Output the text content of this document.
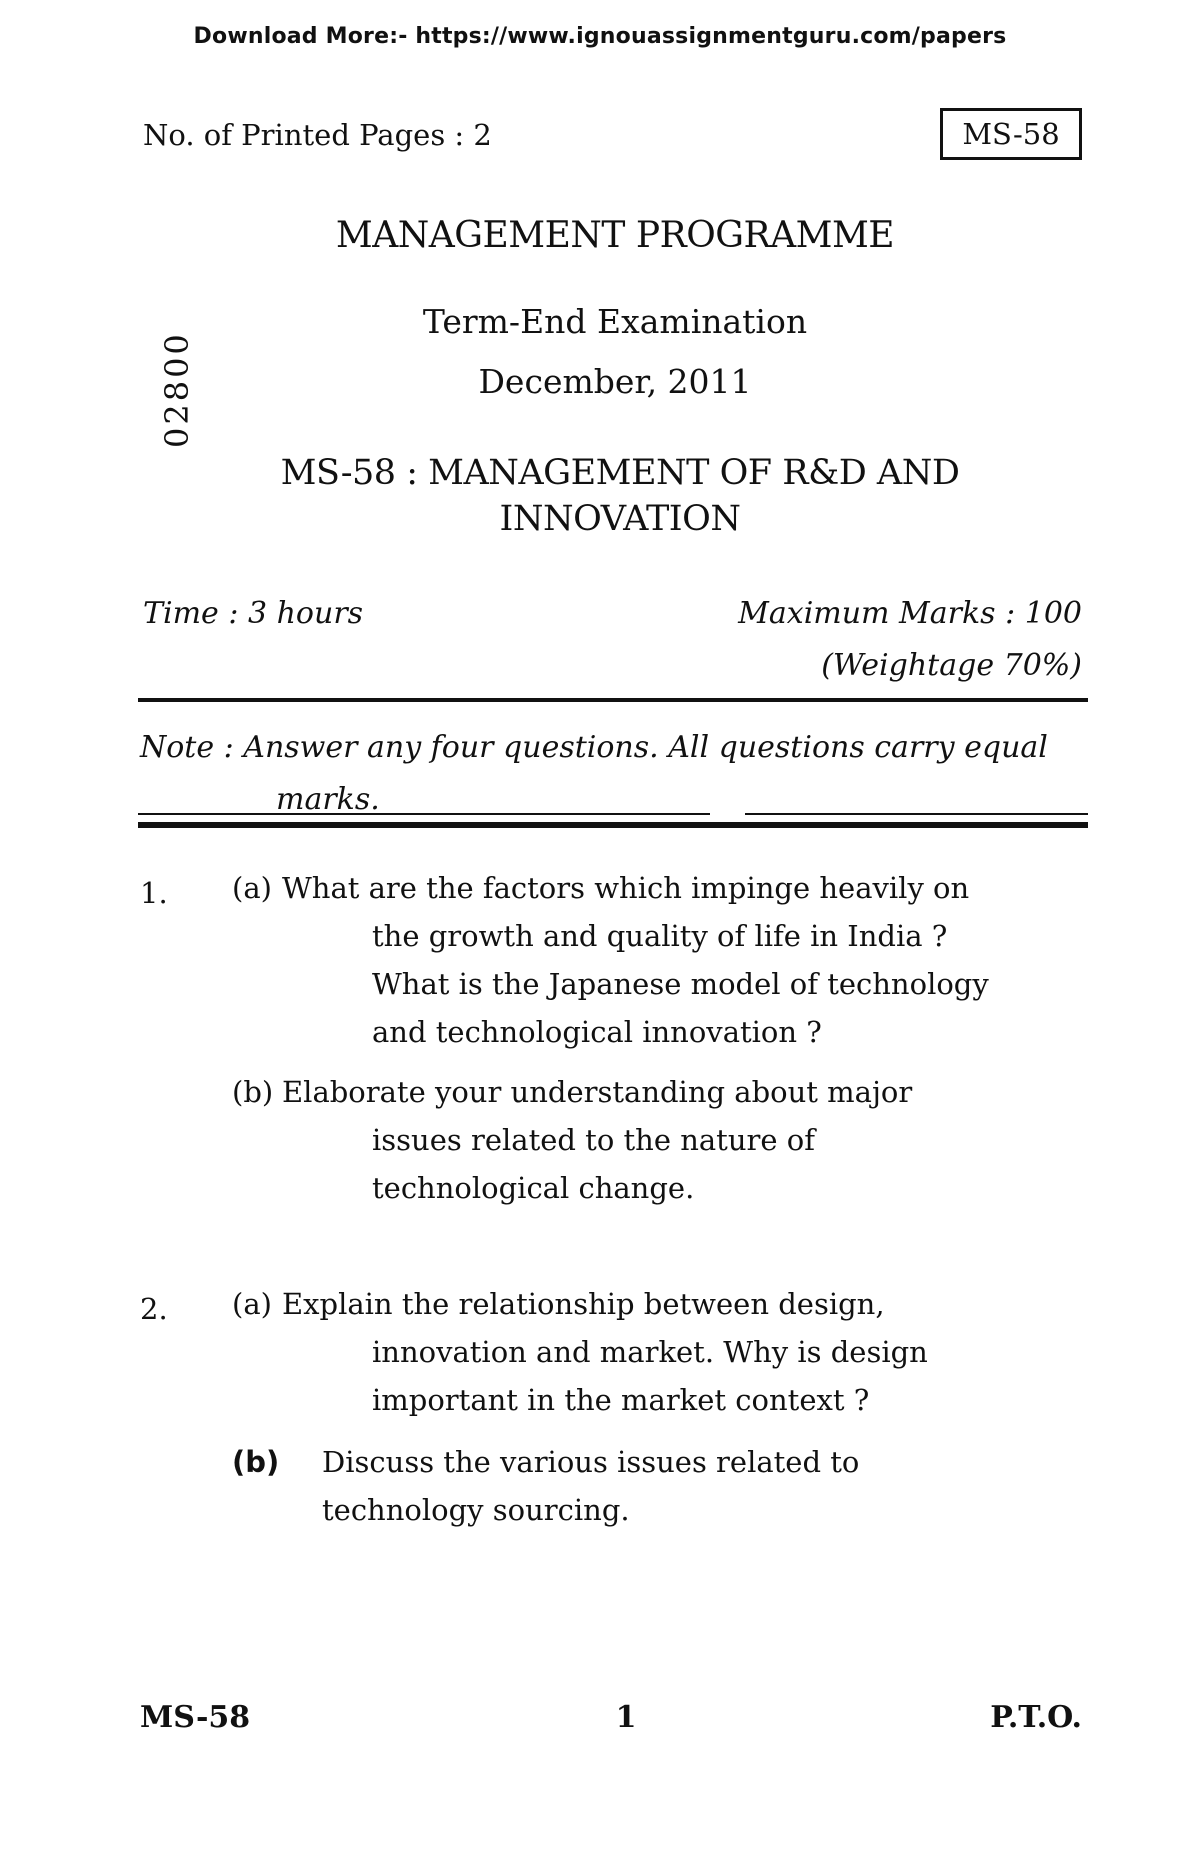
Download More:- https://www.ignouassignmentguru.com/papers
No. of Printed Pages : 2	MS-58
02800
MANAGEMENT PROGRAMME
Term-End Examination
December, 2011
MS-58 : MANAGEMENT OF R&D AND
INNOVATION
Time : 3 hours	Maximum Marks : 100
(Weightage 70%)
Note : Answer any four questions. All questions carry equal
marks.
1. (a) What are the factors which impinge heavily on the growth and quality of life in India ? What is the Japanese model of technology and technological innovation ?
(b) Elaborate your understanding about major issues related to the nature of technological change.
2. (a) Explain the relationship between design, innovation and market. Why is design important in the market context ?
(b)	Discuss the various issues related to technology sourcing.
MS-58	1	P.T.O.
